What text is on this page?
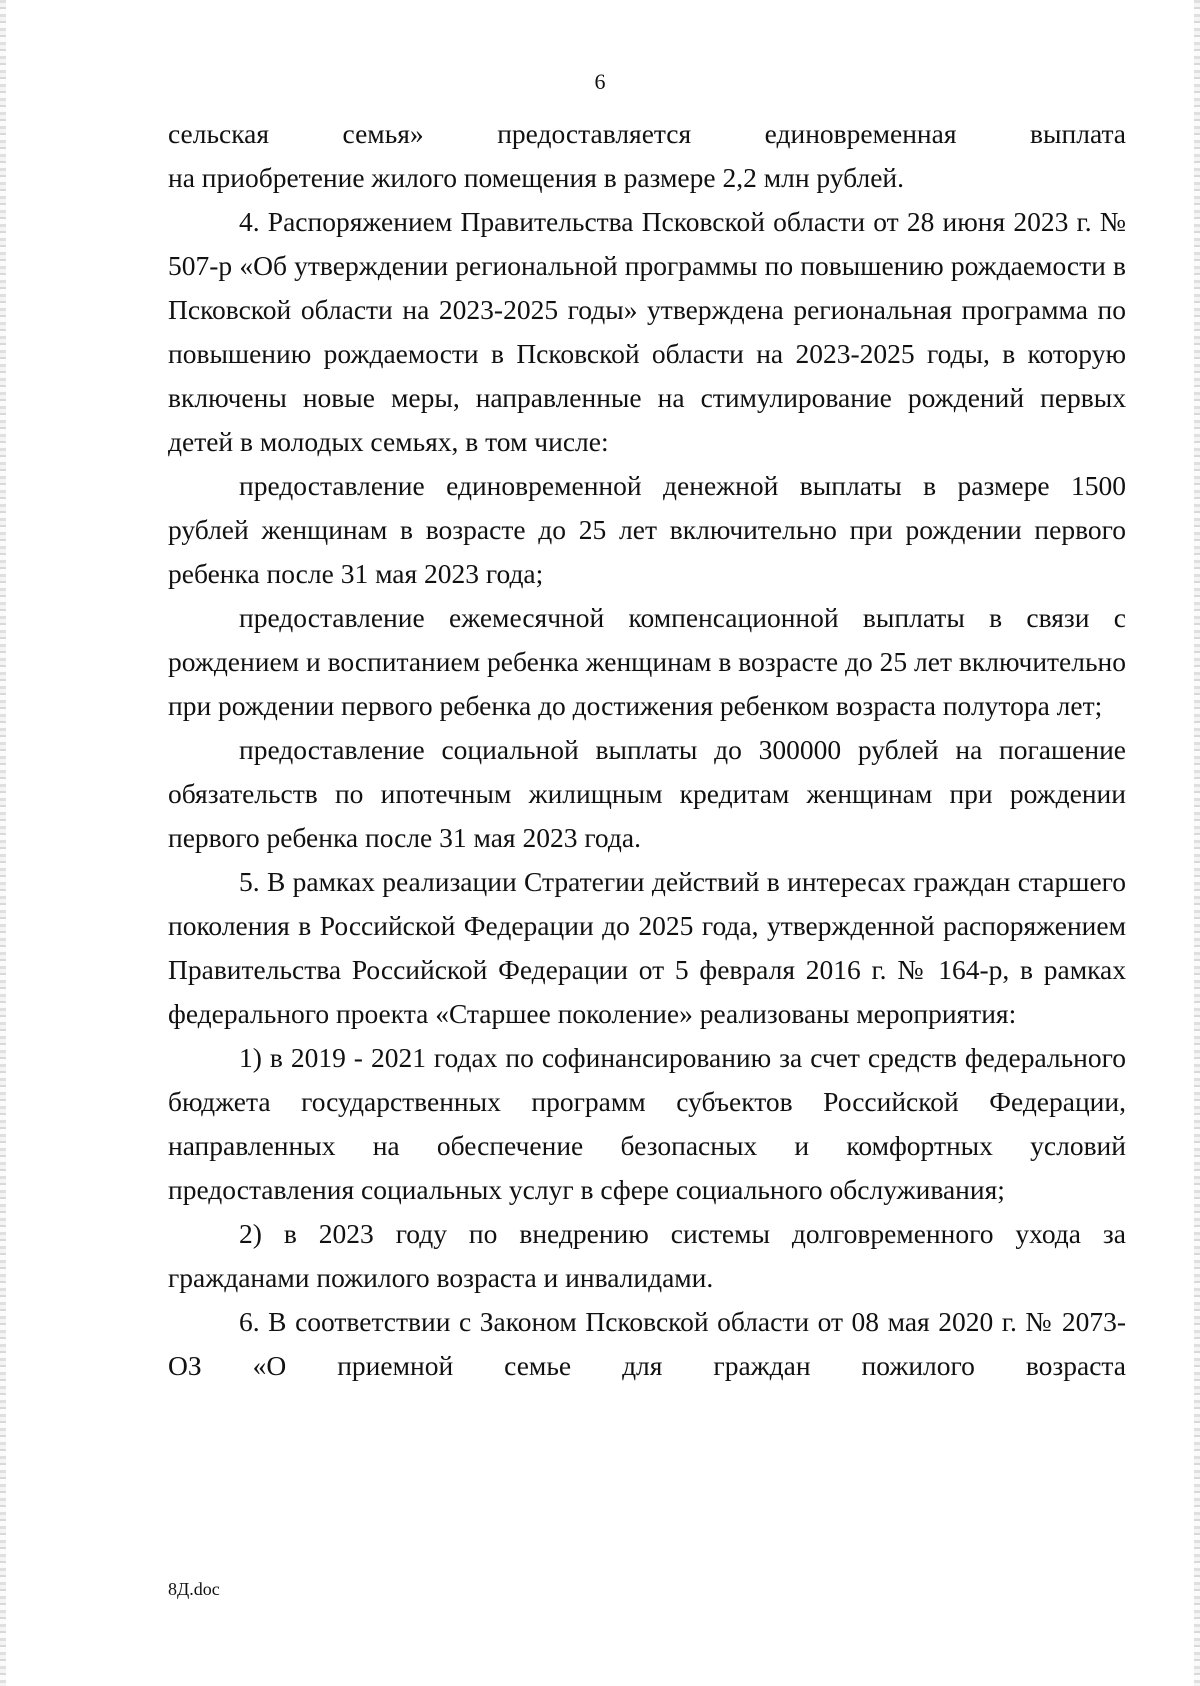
6

сельская семья» предоставляется единовременная выплата

на приобретение жилого помещения в размере 2,2 млн рублей.

4. Распоряжением Правительства Псковской области от 28 июня 2023 г. № 507-р «Об утверждении региональной программы по повышению рождаемости в Псковской области на 2023-2025 годы» утверждена региональная программа по повышению рождаемости в Псковской области на 2023-2025 годы, в которую включены новые меры, направленные на стимулирование рождений первых детей в молодых семьях, в том числе:

предоставление единовременной денежной выплаты в размере 1500 рублей женщинам в возрасте до 25 лет включительно при рождении первого ребенка после 31 мая 2023 года;

предоставление ежемесячной компенсационной выплаты в связи с рождением и воспитанием ребенка женщинам в возрасте до 25 лет включительно при рождении первого ребенка до достижения ребенком возраста полутора лет;

предоставление социальной выплаты до 300000 рублей на погашение обязательств по ипотечным жилищным кредитам женщинам при рождении первого ребенка после 31 мая 2023 года.

5. В рамках реализации Стратегии действий в интересах граждан старшего поколения в Российской Федерации до 2025 года, утвержденной распоряжением Правительства Российской Федерации от 5 февраля 2016 г. № 164-р, в рамках федерального проекта «Старшее поколение» реализованы мероприятия:

1) в 2019 - 2021 годах по софинансированию за счет средств федерального бюджета государственных программ субъектов Российской Федерации, направленных на обеспечение безопасных и комфортных условий предоставления социальных услуг в сфере социального обслуживания;

2) в 2023 году по внедрению системы долговременного ухода за гражданами пожилого возраста и инвалидами.

6. В соответствии с Законом Псковской области от 08 мая 2020 г. № 2073-ОЗ «О приемной семье для граждан пожилого возраста

8Д.doc
